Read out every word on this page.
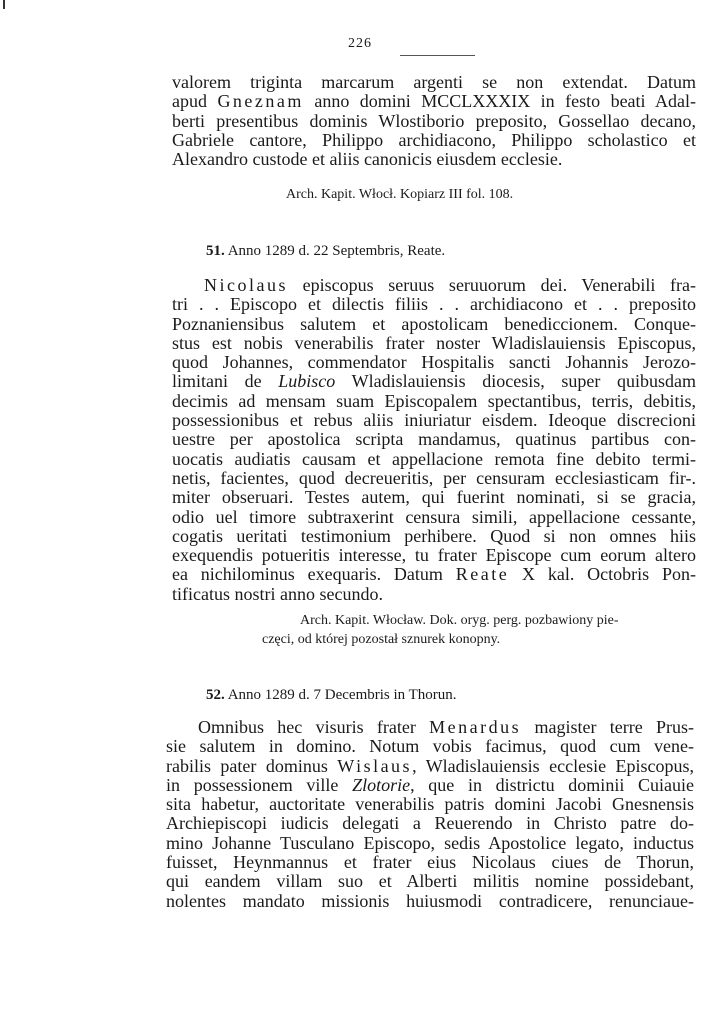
226
valorem triginta marcarum argenti se non extendat. Datum
apud Gneznam anno domini MCCLXXXIX in festo beati Adal-
berti presentibus dominis Wlostiborio preposito, Gossellao decano,
Gabriele cantore, Philippo archidiacono, Philippo scholastico et
Alexandro custode et aliis canonicis eiusdem ecclesie.
Arch. Kapit. Włocł. Kopiarz III fol. 108.
51. Anno 1289 d. 22 Septembris, Reate.
Nicolaus episcopus seruus seruuorum dei. Venerabili fra-
tri . . Episcopo et dilectis filiis . . archidiacono et . . preposito
Poznaniensibus salutem et apostolicam benediccionem. Conque-
stus est nobis venerabilis frater noster Wladislauiensis Episcopus,
quod Johannes, commendator Hospitalis sancti Johannis Jerozo-
limitani de Lubisco Wladislauiensis diocesis, super quibusdam
decimis ad mensam suam Episcopalem spectantibus, terris, debitis,
possessionibus et rebus aliis iniuriatur eisdem. Ideoque discrecioni
uestre per apostolica scripta mandamus, quatinus partibus con-
uocatis audiatis causam et appellacione remota fine debito termi-
netis, facientes, quod decreueritis, per censuram ecclesiasticam fir-.
miter obseruari. Testes autem, qui fuerint nominati, si se gracia,
odio uel timore subtraxerint censura simili, appellacione cessante,
cogatis ueritati testimonium perhibere. Quod si non omnes hiis
exequendis potueritis interesse, tu frater Episcope cum eorum altero
ea nichilominus exequaris. Datum Reate X kal. Octobris Pon-
tificatus nostri anno secundo.
Arch. Kapit. Włocław. Dok. oryg. perg. pozbawiony pie-
częci, od której pozostał sznurek konopny.
52. Anno 1289 d. 7 Decembris in Thorun.
Omnibus hec visuris frater Menardus magister terre Prus-
sie salutem in domino. Notum vobis facimus, quod cum vene-
rabilis pater dominus Wislaus, Wladislauiensis ecclesie Episcopus,
in possessionem ville Zlotorie, que in districtu dominii Cuiauie
sita habetur, auctoritate venerabilis patris domini Jacobi Gnesnensis
Archiepiscopi iudicis delegati a Reuerendo in Christo patre do-
mino Johanne Tusculano Episcopo, sedis Apostolice legato, inductus
fuisset, Heynmannus et frater eius Nicolaus ciues de Thorun,
qui eandem villam suo et Alberti militis nomine possidebant,
nolentes mandato missionis huiusmodi contradicere, renunciaue-
